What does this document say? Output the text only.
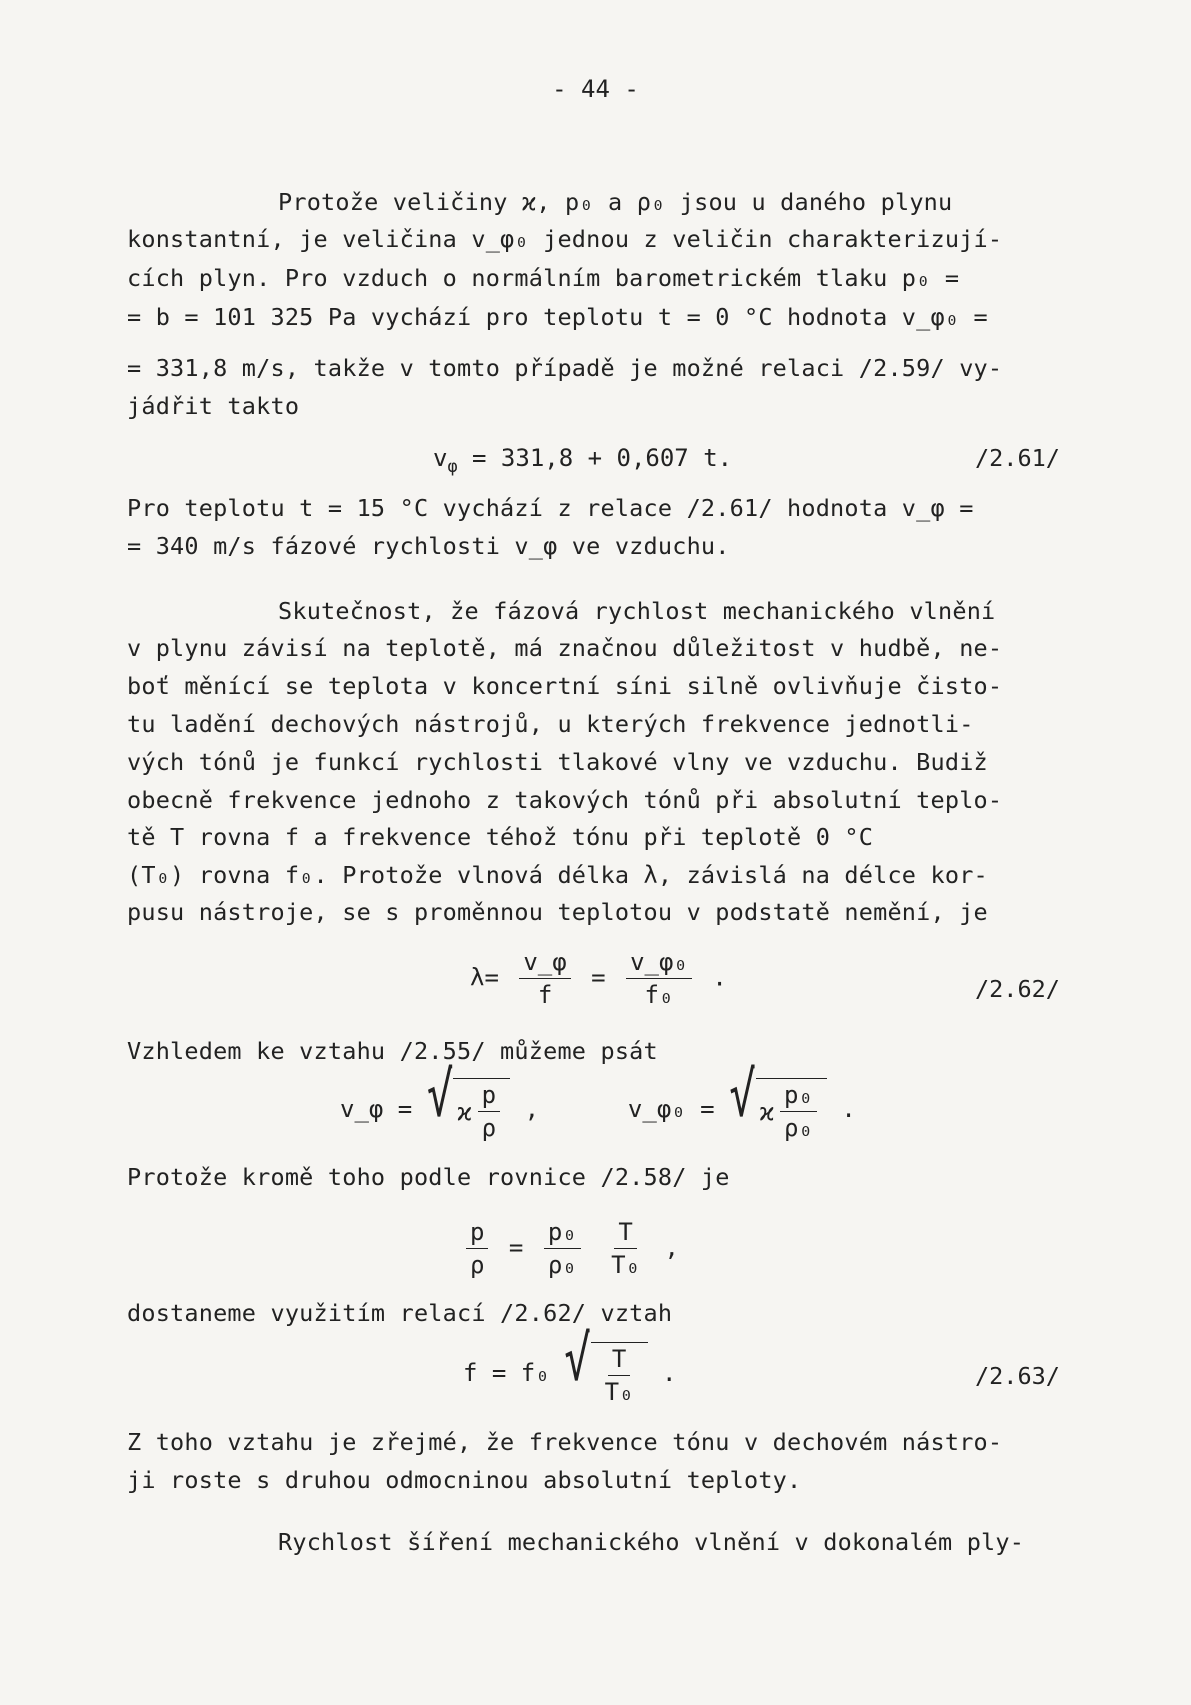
- 44 -
Protože veličiny ϰ, p₀ a ρ₀ jsou u daného plynu
konstantní, je veličina v_φ₀ jednou z veličin charakterizují-
cích plyn. Pro vzduch o normálním barometrickém tlaku p₀ =
= b = 101 325 Pa vychází pro teplotu t = 0 °C hodnota v_φ₀ =
= 331,8 m/s, takže v tomto případě je možné relaci /2.59/ vy-
jádřit takto
$v_\varphi = 331,8 + 0,607$ t.	/2.61/
Pro teplotu t = 15 °C vychází z relace /2.61/ hodnota v_φ =
= 340 m/s fázové rychlosti v_φ ve vzduchu.
Skutečnost, že fázová rychlost mechanického vlnění
v plynu závisí na teplotě, má značnou důležitost v hudbě, ne-
boť měnící se teplota v koncertní síni silně ovlivňuje čisto-
tu ladění dechových nástrojů, u kterých frekvence jednotli-
vých tónů je funkcí rychlosti tlakové vlny ve vzduchu. Budiž
obecně frekvence jednoho z takových tónů při absolutní teplo-
tě T rovna f a frekvence téhož tónu při teplotě 0 °C
(T₀) rovna f₀. Protože vlnová délka λ, závislá na délce kor-
pusu nástroje, se s proměnnou teplotou v podstatě nemění, je
$\lambda= \frac{v\_\varphi}{f} = \frac{\text{v\_φ₀}}{\text{f₀}}$ .	/2.62/
Vzhledem ke vztahu /2.55/ můžeme psát
v_φ = √ ϰ $\frac{p}{\rho}$ ,	v_φ₀ = √ ϰ $\frac{\text{p₀}}{\text{ρ₀}}$ .
Protože kromě toho podle rovnice /2.58/ je
$\frac{p}{\rho} = \frac{\text{p₀}}{\text{ρ₀}}$
$\frac{T}{\text{T₀}}$ ,
dostaneme využitím relací /2.62/ vztah
f = f₀ √ $\frac{T}{\text{T₀}}$ .	/2.63/
Z toho vztahu je zřejmé, že frekvence tónu v dechovém nástro-
ji roste s druhou odmocninou absolutní teploty.
Rychlost šíření mechanického vlnění v dokonalém ply-
